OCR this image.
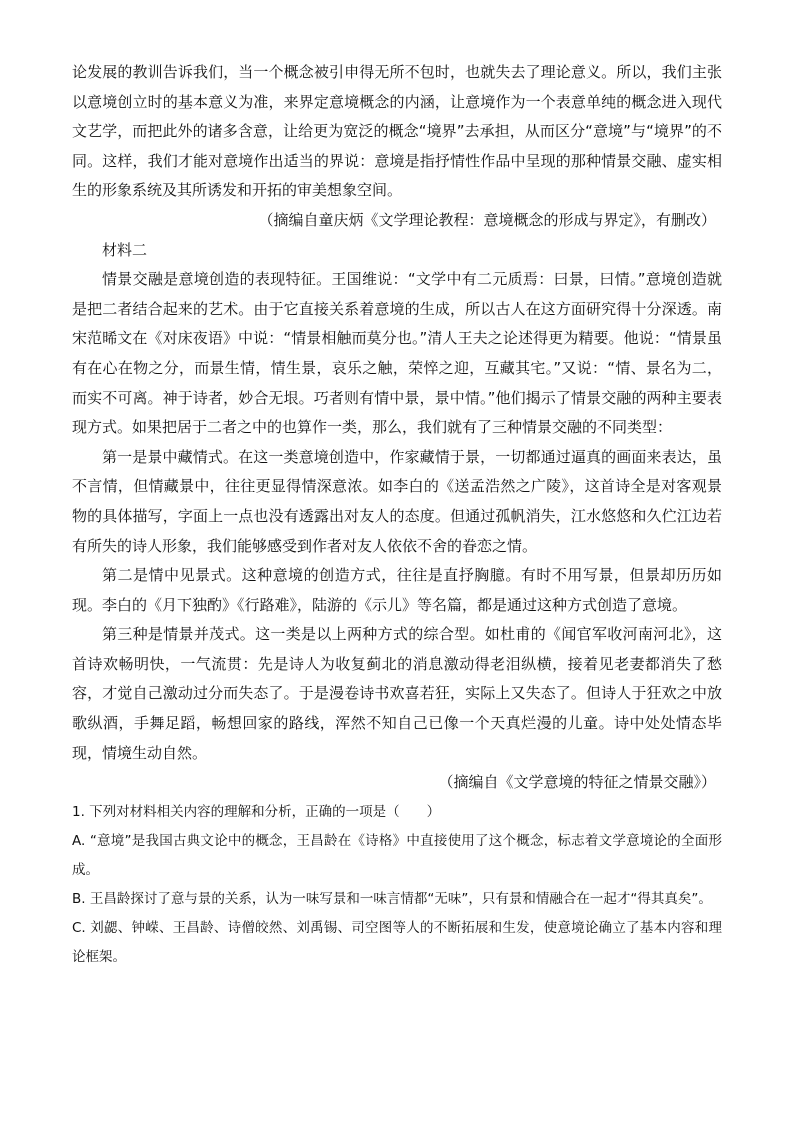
论发展的教训告诉我们，当一个概念被引申得无所不包时，也就失去了理论意义。所以，我们主张以意境创立时的基本意义为准，来界定意境概念的内涵，让意境作为一个表意单纯的概念进入现代文艺学，而把此外的诸多含意，让给更为宽泛的概念“境界”去承担，从而区分“意境”与“境界”的不同。这样，我们才能对意境作出适当的界说：意境是指抒情性作品中呈现的那种情景交融、虚实相生的形象系统及其所诱发和开拓的审美想象空间。

（摘编自童庆炳《文学理论教程：意境概念的形成与界定》，有删改）

材料二

情景交融是意境创造的表现特征。王国维说：“文学中有二元质焉：曰景，曰情。”意境创造就是把二者结合起来的艺术。由于它直接关系着意境的生成，所以古人在这方面研究得十分深透。南宋范晞文在《对床夜语》中说：“情景相触而莫分也。”清人王夫之论述得更为精要。他说：“情景虽有在心在物之分，而景生情，情生景，哀乐之触，荣悴之迎，互藏其宅。”又说：“情、景名为二，而实不可离。神于诗者，妙合无垠。巧者则有情中景，景中情。”他们揭示了情景交融的两种主要表现方式。如果把居于二者之中的也算作一类，那么，我们就有了三种情景交融的不同类型：

第一是景中藏情式。在这一类意境创造中，作家藏情于景，一切都通过逼真的画面来表达，虽不言情，但情藏景中，往往更显得情深意浓。如李白的《送孟浩然之广陵》，这首诗全是对客观景物的具体描写，字面上一点也没有透露出对友人的态度。但通过孤帆消失，江水悠悠和久伫江边若有所失的诗人形象，我们能够感受到作者对友人依依不舍的眷恋之情。

第二是情中见景式。这种意境的创造方式，往往是直抒胸臆。有时不用写景，但景却历历如现。李白的《月下独酌》《行路难》，陆游的《示儿》等名篇，都是通过这种方式创造了意境。

第三种是情景并茂式。这一类是以上两种方式的综合型。如杜甫的《闻官军收河南河北》，这首诗欢畅明快，一气流贯：先是诗人为收复蓟北的消息激动得老泪纵横，接着见老妻都消失了愁容，才觉自己激动过分而失态了。于是漫卷诗书欢喜若狂，实际上又失态了。但诗人于狂欢之中放歌纵酒，手舞足蹈，畅想回家的路线，浑然不知自己已像一个天真烂漫的儿童。诗中处处情态毕现，情境生动自然。

（摘编自《文学意境的特征之情景交融》）

1. 下列对材料相关内容的理解和分析，正确的一项是（　　）

A. “意境”是我国古典文论中的概念，王昌龄在《诗格》中直接使用了这个概念，标志着文学意境论的全面形成。

B. 王昌龄探讨了意与景的关系，认为一味写景和一味言情都“无味”，只有景和情融合在一起才“得其真矣”。

C. 刘勰、钟嵘、王昌龄、诗僧皎然、刘禹锡、司空图等人的不断拓展和生发，使意境论确立了基本内容和理论框架。
